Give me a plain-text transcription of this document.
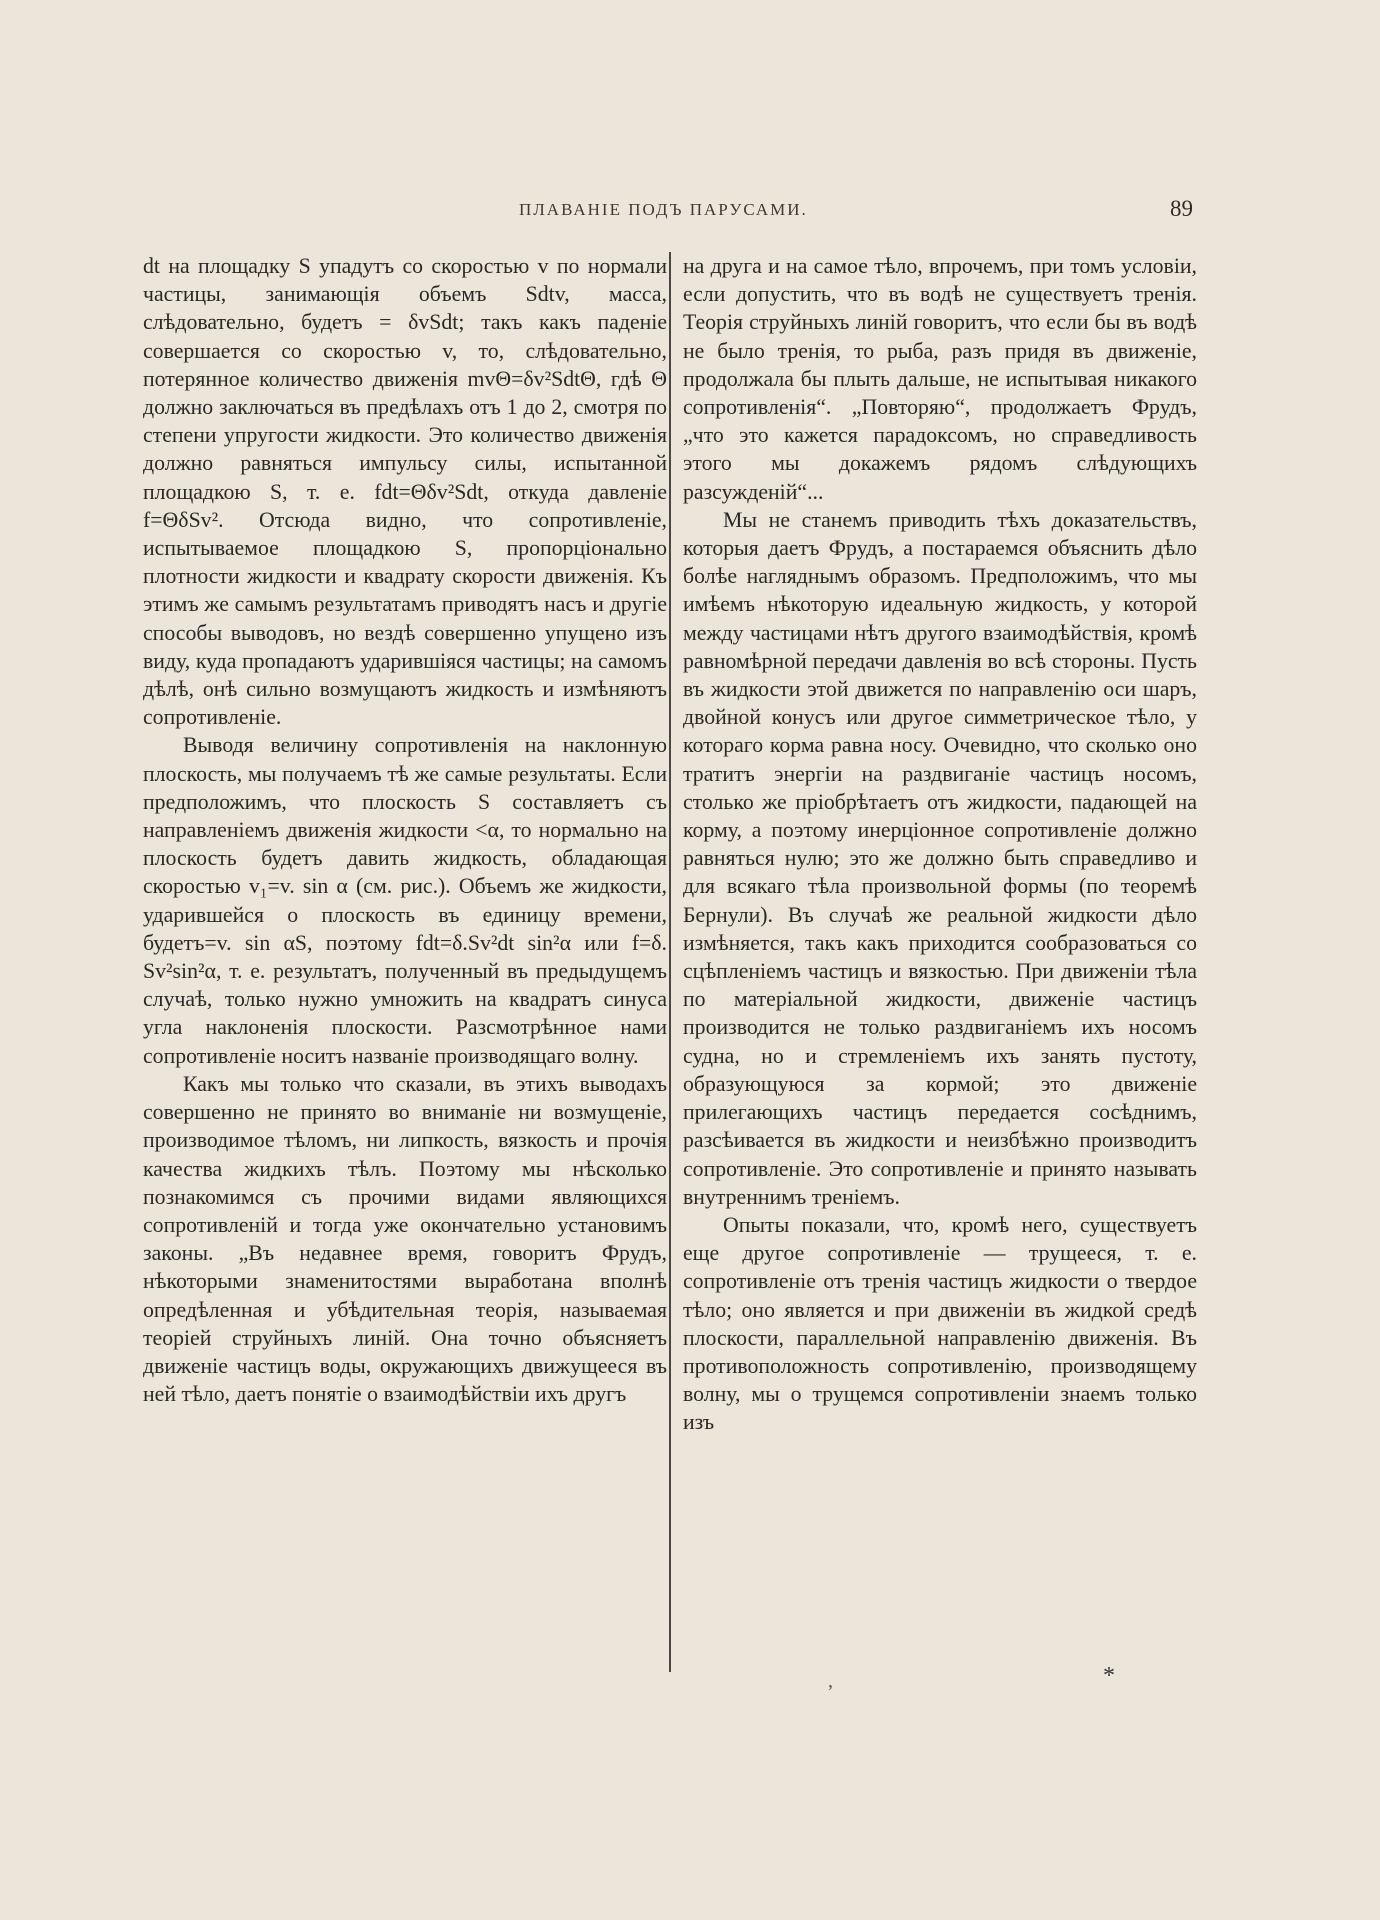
ПЛАВАНІЕ ПОДЪ ПАРУСАМИ.	89

dt на площадку S упадутъ со скоростью v по нормали частицы, занимающія объемъ Sdtv, масса, слѣдовательно, будетъ = δvSdt; такъ какъ паденіе совершается со скоростью v, то, слѣдовательно, потерянное количество движенія mvΘ=δv²SdtΘ, гдѣ Θ должно заключаться въ предѣлахъ отъ 1 до 2, смотря по степени упругости жидкости. Это количество движенія должно равняться импульсу силы, испытанной площадкою S, т. е. fdt=Θδv²Sdt, откуда давленіе f=ΘδSv². Отсюда видно, что сопротивленіе, испытываемое площадкою S, пропорціонально плотности жидкости и квадрату скорости движенія. Къ этимъ же самымъ результатамъ приводятъ насъ и другіе способы выводовъ, но вездѣ совершенно упущено изъ виду, куда пропадаютъ ударившіяся частицы; на самомъ дѣлѣ, онѣ сильно возмущаютъ жидкость и измѣняютъ сопротивленіе.

Выводя величину сопротивленія на наклонную плоскость, мы получаемъ тѣ же самые результаты. Если предположимъ, что плоскость S составляетъ съ направленіемъ движенія жидкости <α, то нормально на плоскость будетъ давить жидкость, обладающая скоростью v₁=v. sin α (см. рис.). Объемъ же жидкости, ударившейся о плоскость въ единицу времени, будетъ=v. sin αS, поэтому fdt=δ.Sv²dt sin²α или f=δ. Sv²sin²α, т. е. результатъ, полученный въ предыдущемъ случаѣ, только нужно умножить на квадратъ синуса угла наклоненія плоскости. Разсмотрѣнное нами сопротивленіе носитъ названіе производящаго волну.

Какъ мы только что сказали, въ этихъ выводахъ совершенно не принято во вниманіе ни возмущеніе, производимое тѣломъ, ни липкость, вязкость и прочія качества жидкихъ тѣлъ. Поэтому мы нѣсколько познакомимся съ прочими видами являющихся сопротивленій и тогда уже окончательно установимъ законы. „Въ недавнее время, говоритъ Фрудъ, нѣкоторыми знаменитостями выработана вполнѣ опредѣленная и убѣдительная теорія, называемая теоріей струйныхъ линій. Она точно объясняетъ движеніе частицъ воды, окружающихъ движущееся въ ней тѣло, даетъ понятіе о взаимодѣйствіи ихъ другъ

на друга и на самое тѣло, впрочемъ, при томъ условіи, если допустить, что въ водѣ не существуетъ тренія. Теорія струйныхъ линій говоритъ, что если бы въ водѣ не было тренія, то рыба, разъ придя въ движеніе, продолжала бы плыть дальше, не испытывая никакого сопротивленія“. „Повторяю“, продолжаетъ Фрудъ, „что это кажется парадоксомъ, но справедливость этого мы докажемъ рядомъ слѣдующихъ разсужденій“...

Мы не станемъ приводить тѣхъ доказательствъ, которыя даетъ Фрудъ, а постараемся объяснить дѣло болѣе нагляднымъ образомъ. Предположимъ, что мы имѣемъ нѣкоторую идеальную жидкость, у которой между частицами нѣтъ другого взаимодѣйствія, кромѣ равномѣрной передачи давленія во всѣ стороны. Пусть въ жидкости этой движется по направленію оси шаръ, двойной конусъ или другое симметрическое тѣло, у котораго корма равна носу. Очевидно, что сколько оно тратитъ энергіи на раздвиганіе частицъ носомъ, столько же пріобрѣтаетъ отъ жидкости, падающей на корму, а поэтому инерціонное сопротивленіе должно равняться нулю; это же должно быть справедливо и для всякаго тѣла произвольной формы (по теоремѣ Бернули). Въ случаѣ же реальной жидкости дѣло измѣняется, такъ какъ приходится сообразоваться со сцѣпленіемъ частицъ и вязкостью. При движеніи тѣла по матеріальной жидкости, движеніе частицъ производится не только раздвиганіемъ ихъ носомъ судна, но и стремленіемъ ихъ занять пустоту, образующуюся за кормой; это движеніе прилегающихъ частицъ передается сосѣднимъ, разсѣивается въ жидкости и неизбѣжно производитъ сопротивленіе. Это сопротивленіе и принято называть внутреннимъ треніемъ.

Опыты показали, что, кромѣ него, существуетъ еще другое сопротивленіе — трущееся, т. е. сопротивленіе отъ тренія частицъ жидкости о твердое тѣло; оно является и при движеніи въ жидкой средѣ плоскости, параллельной направленію движенія. Въ противоположность сопротивленію, производящему волну, мы о трущемся сопротивленіи знаемъ только изъ

,	*
